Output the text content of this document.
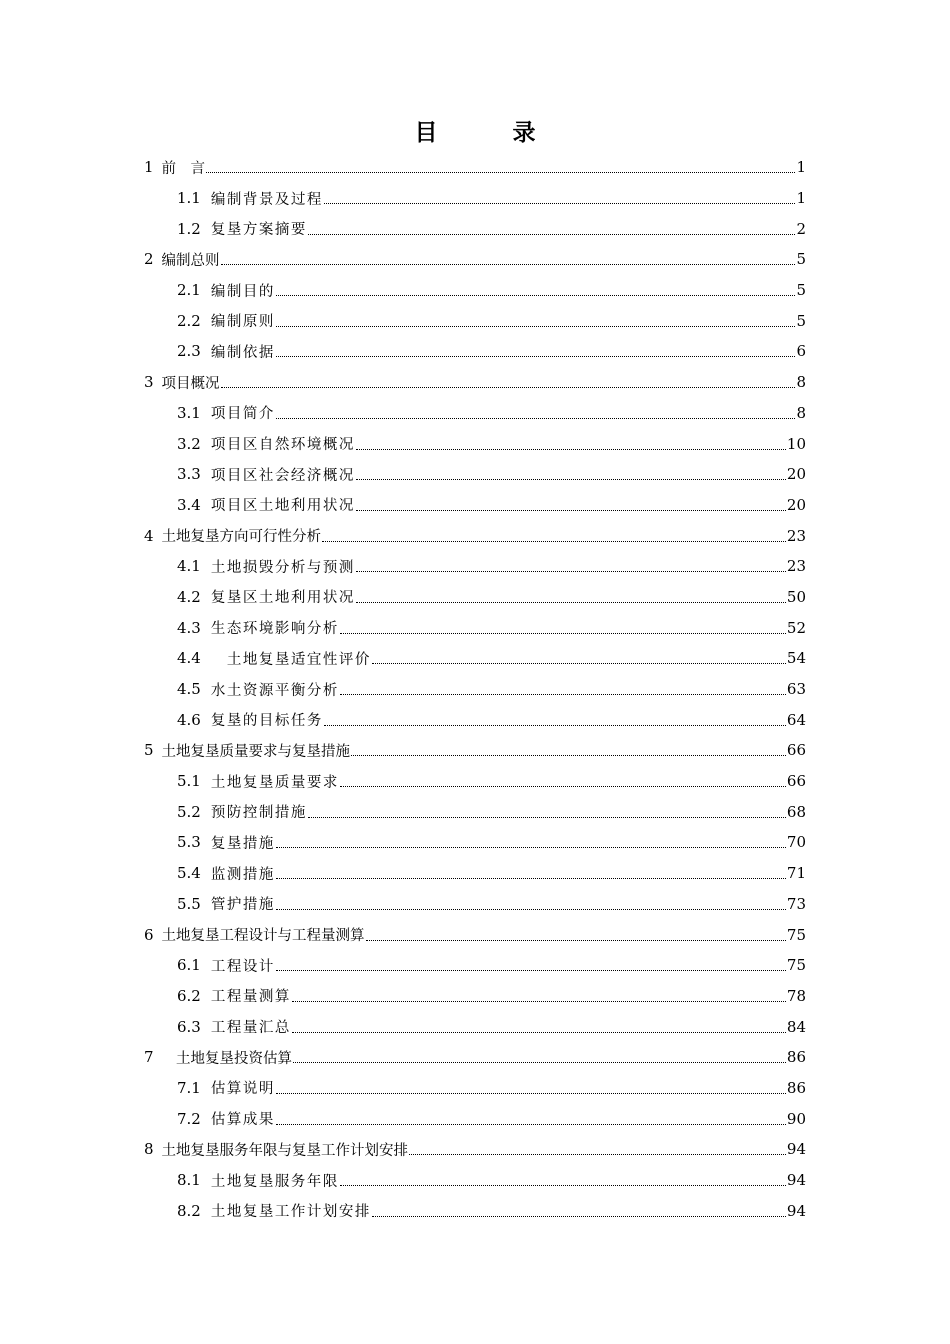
目　录
1 前　言	1
1.1 编制背景及过程	1
1.2 复垦方案摘要	2
2 编制总则	5
2.1 编制目的	5
2.2 编制原则	5
2.3 编制依据	6
3 项目概况	8
3.1 项目简介	8
3.2 项目区自然环境概况	10
3.3 项目区社会经济概况	20
3.4 项目区土地利用状况	20
4 土地复垦方向可行性分析	23
4.1 土地损毁分析与预测	23
4.2 复垦区土地利用状况	50
4.3 生态环境影响分析	52
4.4 　土地复垦适宜性评价	54
4.5 水土资源平衡分析	63
4.6 复垦的目标任务	64
5 土地复垦质量要求与复垦措施	66
5.1 土地复垦质量要求	66
5.2 预防控制措施	68
5.3 复垦措施	70
5.4 监测措施	71
5.5 管护措施	73
6 土地复垦工程设计与工程量测算	75
6.1 工程设计	75
6.2 工程量测算	78
6.3 工程量汇总	84
7 　土地复垦投资估算	86
7.1 估算说明	86
7.2 估算成果	90
8 土地复垦服务年限与复垦工作计划安排	94
8.1 土地复垦服务年限	94
8.2 土地复垦工作计划安排	94
